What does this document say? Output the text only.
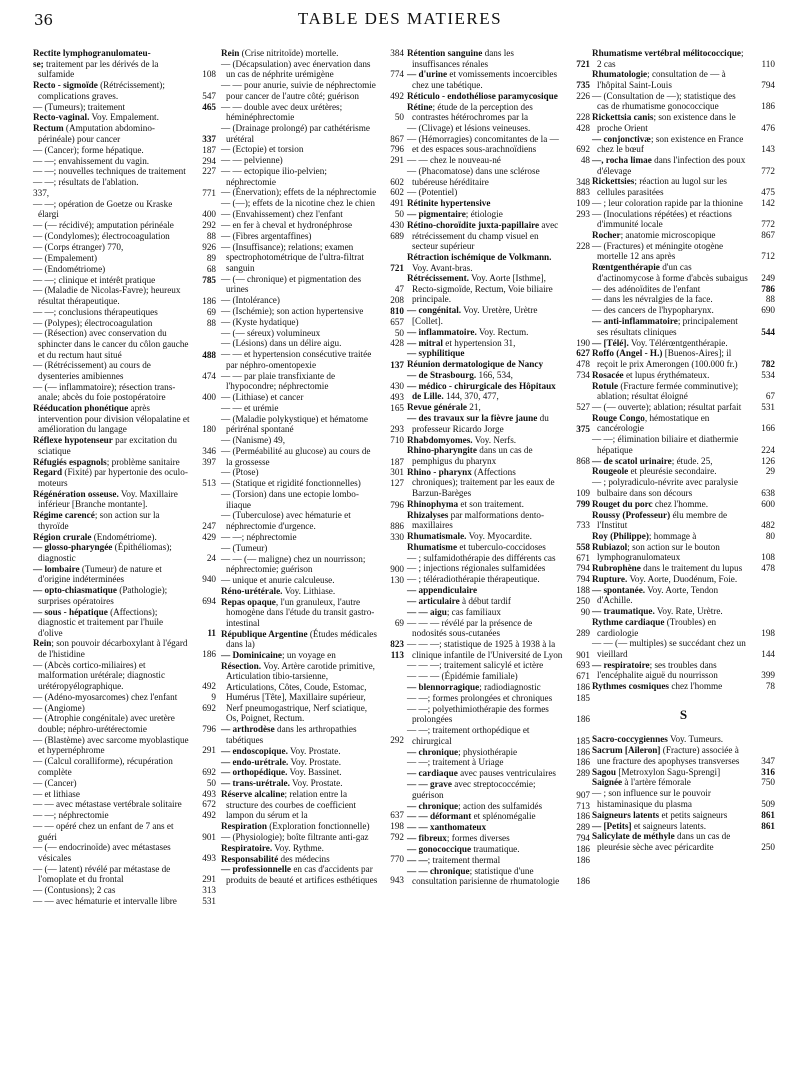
36	TABLE DES MATIERES
Rectite lymphogranulomateu-
se; traitement par les dérivés de la sulfamide	108
Recto - sigmoïde (Rétrécissement); complications graves.	547
— (Tumeurs); traitement	465
Recto-vaginal. Voy. Empalement.
Rectum (Amputation abdomino-périnéale) pour cancer	337
— (Cancer); forme hépatique.	187
— —; envahissement du vagin.	294
— —; nouvelles techniques de traitement	227
— —; résultats de l'ablation.
337,	771
— —; opération de Goetze ou Kraske élargi	400
— (— récidivé); amputation périnéale	292
— (Condylomes); électrocoagulation	88
— (Corps étranger) 770,	926
— (Empalement)	89
— (Endométriome)	68
— —; clinique et intérêt pratique	785
— (Maladie de Nicolas-Favre); heureux résultat thérapeutique.	186
— —; conclusions thérapeutiques	69
— (Polypes); électrocoagulation	88
— (Résection) avec conservation du sphincter dans le cancer du côlon gauche et du rectum haut situé	488
— (Rétrécissement) au cours de dysenteries amibiennes	474
— (— inflammatoire); résection trans-anale; abcès du foie postopératoire	400
Rééducation phonétique après intervention pour division vélopalatine et amélioration du langage	180
Réflexe hypotenseur par excitation du sciatique	346
Réfugiés espagnols; problème sanitaire	397
Regard (Fixité) par hypertonie des oculo-moteurs	513
Régénération osseuse. Voy. Maxillaire inférieur [Branche montante].
Régime carencé; son action sur la thyroïde	247
Région crurale (Endométriome).	429
— glosso-pharyngée (Épithéliomas); diagnostic	24
— lombaire (Tumeur) de nature et d'origine indéterminées	940
— opto-chiasmatique (Pathologie); surprises opératoires	694
— sous - hépatique (Affections); diagnostic et traitement par l'huile d'olive	11
Rein; son pouvoir décarboxylant à l'égard de l'histidine	186
— (Abcès cortico-miliaires) et malformation urétérale; diagnostic urétéropyélographique.	492
— (Adéno-myosarcomes) chez l'enfant	9
— (Angiome)	692
— (Atrophie congénitale) avec uretère double; néphro-urétérectomie	796
— (Blastème) avec sarcome myoblastique et hypernéphrome	291
— (Calcul coralliforme), récupération complète	692
— (Cancer)	50
— et lithiase	493
— — avec métastase vertébrale solitaire	672
— —; néphrectomie	492
— — opéré chez un enfant de 7 ans et guéri	901
— (— endocrinoïde) avec métastases vésicales	493
— (— latent) révélé par métastase de l'omoplate et du frontal	291
— (Contusions); 2 cas	313
— — avec hématurie et intervalle libre	531
Rein (Crise nitritoïde) mortelle.	384
— (Décapsulation) avec énervation dans un cas de néphrite urémigène	774
— — pour anurie, suivie de néphrectomie pour cancer de l'autre côté; guérison	492
— — double avec deux urétères; héminéphrectomie	50
— (Drainage prolongé) par cathétérisme urétéral	867
— (Ectopie) et torsion	796
— — pelvienne)	291
— — ectopique ilio-pelvien; néphrectomie	602
— (Énervation); effets de la néphrectomie	602
— (—); effets de la nicotine chez le chien	491
— (Envahissement) chez l'enfant	50
— en fer à cheval et hydronéphrose	430
— (Fibres argentaffines)	689
— (Insuffisance); relations; examen spectrophotométrique de l'ultra-filtrat sanguin	721
— (— chronique) et pigmentation des urines	47
— (Intolérance)	208
— (Ischémie); son action hypertensive	810
— (Kyste hydatique)	657
— (— séreux) volumineux	50
— (Lésions) dans un délire aigu.	428
— — et hypertension consécutive traitée par néphro-omentopexie	137
— — par plaie transfixiante de l'hypocondre; néphrectomie	430
— (Lithiase) et cancer	493
— — et urémie	165
— (Maladie polykystique) et hématome périrénal spontané	293
— (Nanisme) 49,	710
— (Perméabilité au glucose) au cours de la grossesse	187
— (Ptose)	301
— (Statique et rigidité fonctionnelles)	127
— (Torsion) dans une ectopie lombo-iliaque	796
— (Tuberculose) avec hématurie et néphrectomie d'urgence.	886
— —; néphrectomie	330
— (Tumeur)
— — (— maligne) chez un nourrisson; néphrectomie; guérison	900
— unique et anurie calculeuse.	130
Réno-urétérale. Voy. Lithiase.
Repas opaque, l'un granuleux, l'autre homogène dans l'étude du transit gastro-intestinal	69
République Argentine (Études médicales dans la)	823
— Dominicaine; un voyage en	113
Résection. Voy. Artère carotide primitive, Articulation tibio-tarsienne, Articulations, Côtes, Coude, Estomac, Humérus [Tête], Maxillaire supérieur, Nerf pneumogastrique, Nerf sciatique, Os, Poignet, Rectum.
— arthrodèse dans les arthropathies tabétiques	292
— endoscopique. Voy. Prostate.
— endo-urétrale. Voy. Prostate.
— orthopédique. Voy. Bassinet.
— trans-urétrale. Voy. Prostate.
Réserve alcaline; relation entre la structure des courbes de coefficient lampon du sérum et la	637
Respiration (Exploration fonctionnelle)	198
— (Physiologie); boîte filtrante anti-gaz	792
Respiratoire. Voy. Rythme.
Responsabilité des médecins	770
— professionnelle en cas d'accidents par produits de beauté et artifices esthétiques	943
Rétention sanguine dans les insuffisances rénales	721
— d'urine et vomissements incoercibles chez une tabétique.	735
Réticulo - endothéliose paramycosique	226
Rétine; étude de la perception des contrastes hétérochromes par la	228
— (Clivage) et lésions veineuses.	428
— (Hémorragies) concomitantes de la — et des espaces sous-arachnoïdiens	692
— — chez le nouveau-né	48
— (Phacomatose) dans une sclérose tubéreuse héréditaire	348
— (Potentiel)	883
Rétinite hypertensive	109
— pigmentaire; étiologie	293
Rétino-choroïdite juxta-papillaire avec rétrécissement du champ visuel en secteur supérieur	228
Rétraction ischémique de Volkmann. Voy. Avant-bras.
Rétrécissement. Voy. Aorte [Isthme], Recto-sigmoïde, Rectum, Voie biliaire principale.
— congénital. Voy. Uretère, Urètre [Collet].
— inflammatoire. Voy. Rectum.
— mitral et hypertension 31,	190
— syphilitique	627
Réunion dermatologique de Nancy	478
— de Strasbourg. 166, 534,	734
— médico - chirurgicale des Hôpitaux de Lille. 144, 370, 477,
Revue générale 21,	527
— des travaux sur la fièvre jaune du professeur Ricardo Jorge	375
Rhabdomyomes. Voy. Nerfs.
Rhino-pharyngite dans un cas de pemphigus du pharynx	868
Rhino - pharynx (Affections chroniques); traitement par les eaux de Barzun-Barèges	109
Rhinophyma et son traitement.	799
Rhizalyses par malformations dento-maxillaires	733
Rhumatismale. Voy. Myocardite.
Rhumatisme et tuberculo-coccidoses	558
— ; sulfamidothérapie des différents cas	671
— ; injections régionales sulfamidées	794
— ; téléradiothérapie thérapeutique.	794
— appendiculaire	188
— articulaire à début tardif	250
— — aigu; cas familiaux	90
— — — révélé par la présence de nodosités sous-cutanées	289
— — —; statistique de 1925 à 1938 à la clinique infantile de l'Université de Lyon	901
— — —; traitement salicylé et ictère	693
— — — (Épidémie familiale)	671
— blennorragique; radiodiagnostic	186
— —; formes prolongées et chroniques	185
— —; polyethimiothérapie des formes prolongées	186
— —; traitement orthopédique et chirurgical	185
— chronique; physiothérapie	186
— —; traitement à Uriage	186
— cardiaque avec pauses ventriculaires	289
— — grave avec streptococcémie; guérison	907
— chronique; action des sulfamidés	713
— — déformant et splénomégalie	186
— — xanthomateux	289
— fibreux; formes diverses	794
— gonococcique traumatique.	186
— —; traitement thermal	186
— — chronique; statistique d'une consultation parisienne de rhumatologie	186
Rhumatisme vertébral mélitococcique; 2 cas	110
Rhumatologie; consultation de — à l'hôpital Saint-Louis	794
— (Consultation de —); statistique des cas de rhumatisme gonococcique	186
Rickettsia canis; son existence dans le proche Orient	476
— conjonctivæ; son existence en France chez le bœuf	143
—, rocha limae dans l'infection des poux d'élevage	772
Rickettsies; réaction au lugol sur les cellules parasitées	475
— ; leur coloration rapide par la thionine	142
— (Inoculations répétées) et réactions d'immunité locale	772
Rocher; anatomie microscopique	867
— (Fractures) et méningite otogène mortelle 12 ans après	712
Rœntgenthérapie d'un cas d'actinomycose à forme d'abcès subaigus	249
— des adénoïdites de l'enfant	786
— dans les névralgies de la face.	88
— des cancers de l'hypopharynx.	690
— anti-inflammatoire; principalement ses résultats cliniques	544
— [Télé]. Voy. Télérœntgenthérapie.
Roffo (Angel - H.) [Buenos-Aires]; il reçoit le prix Amerongen (100.000 fr.)	782
Rosacée et lupus érythémateux.	534
Rotule (Fracture fermée comminutive); ablation; résultat éloigné	67
— (— ouverte); ablation; résultat parfait	531
Rouge Congo, hémostatique en cancérologie	166
— —; élimination biliaire et diathermie hépatique	224
— de scatol urinaire; étude. 25,	126
Rougeole et pleurésie secondaire.	29
— ; polyradiculo-névrite avec paralysie bulbaire dans son décours	638
Rouget du porc chez l'homme.	600
Roussy (Professeur) élu membre de l'Institut	482
Roy (Philippe); hommage à	80
Rubiazol; son action sur le bouton lymphogranulomateux	108
Rubrophène dans le traitement du lupus	478
Rupture. Voy. Aorte, Duodénum, Foie.
— spontanée. Voy. Aorte, Tendon d'Achille.
— traumatique. Voy. Rate, Urètre.
Rythme cardiaque (Troubles) en cardiologie	198
— — (— multiples) se succédant chez un vieillard	144
— respiratoire; ses troubles dans l'encéphalite aiguë du nourrisson	399
Rythmes cosmiques chez l'homme	78
S
Sacro-coccygiennes Voy. Tumeurs.
Sacrum [Aileron] (Fracture) associée à une fracture des apophyses transverses	347
Sagou [Metroxylon Sagu-Sprengi]	316
Saignée à l'artère fémorale	750
— ; son influence sur le pouvoir histaminasique du plasma	509
Saigneurs latents et petits saigneurs	861
— [Petits] et saigneurs latents.	861
Salicylate de méthyle dans un cas de pleurésie sèche avec péricardite	250
